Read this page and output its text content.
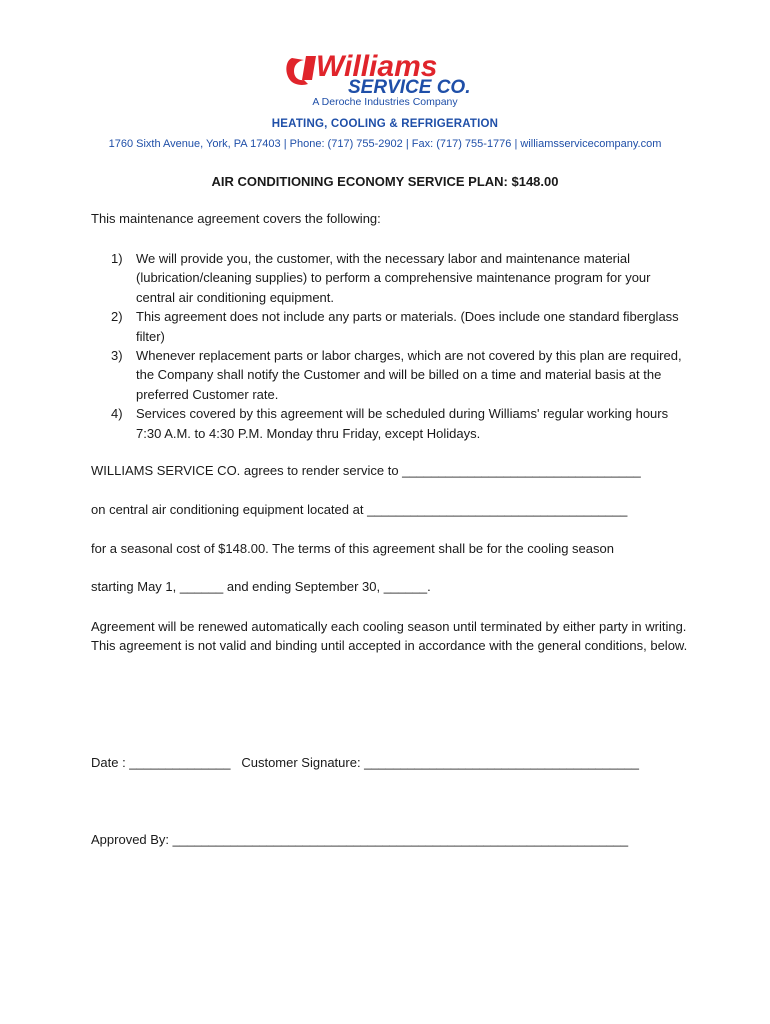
Williams
SERVICE CO.
A Deroche Industries Company
HEATING, COOLING & REFRIGERATION
1760 Sixth Avenue, York, PA 17403 | Phone: (717) 755-2902 | Fax: (717) 755-1776 | williamsservicecompany.com
AIR CONDITIONING ECONOMY SERVICE PLAN: $148.00
This maintenance agreement covers the following:
1) We will provide you, the customer, with the necessary labor and maintenance material (lubrication/cleaning supplies) to perform a comprehensive maintenance program for your central air conditioning equipment.
2) This agreement does not include any parts or materials. (Does include one standard fiberglass filter)
3) Whenever replacement parts or labor charges, which are not covered by this plan are required, the Company shall notify the Customer and will be billed on a time and material basis at the preferred Customer rate.
4) Services covered by this agreement will be scheduled during Williams' regular working hours 7:30 A.M. to 4:30 P.M. Monday thru Friday, except Holidays.
WILLIAMS SERVICE CO. agrees to render service to _________________________________
on central air conditioning equipment located at ____________________________________
for a seasonal cost of $148.00. The terms of this agreement shall be for the cooling season
starting May 1, ______ and ending September 30, ______.
Agreement will be renewed automatically each cooling season until terminated by either party in writing. This agreement is not valid and binding until accepted in accordance with the general conditions, below.
Date : ______________   Customer Signature: ______________________________________
Approved By: _______________________________________________________________
